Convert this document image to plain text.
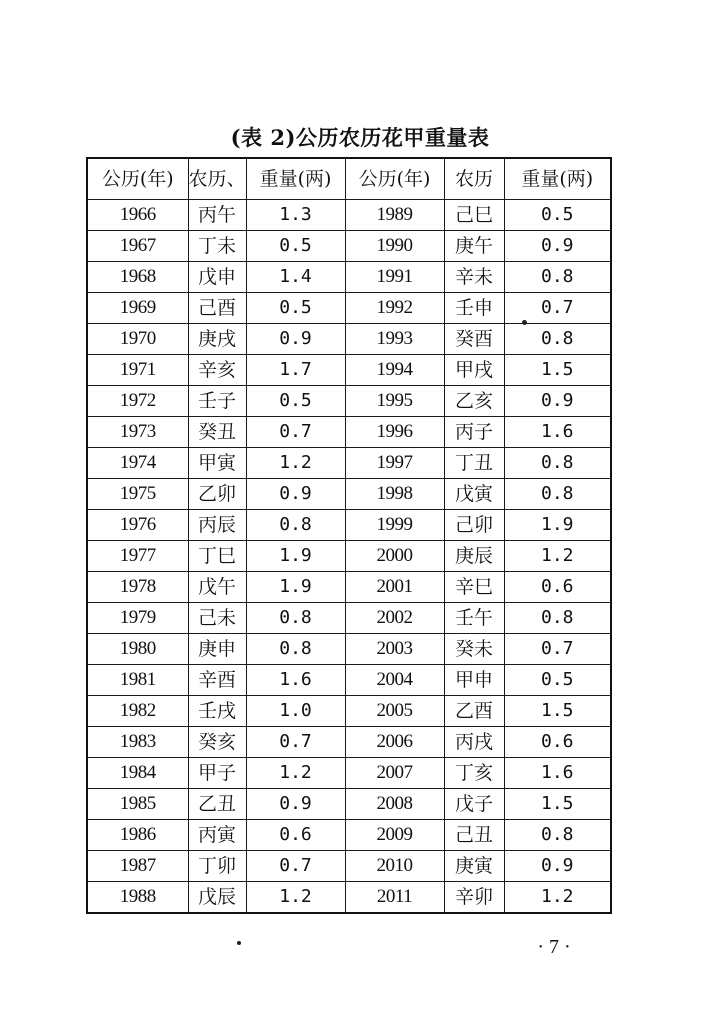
(表 2)公历农历花甲重量表
公历(年)	农历、	重量(两)	公历(年)	农历	重量(两)
1966	丙午	1.3	1989	己巳	0.5
1967	丁未	0.5	1990	庚午	0.9
1968	戊申	1.4	1991	辛未	0.8
1969	己酉	0.5	1992	壬申	0.7
1970	庚戌	0.9	1993	癸酉	0.8
1971	辛亥	1.7	1994	甲戌	1.5
1972	壬子	0.5	1995	乙亥	0.9
1973	癸丑	0.7	1996	丙子	1.6
1974	甲寅	1.2	1997	丁丑	0.8
1975	乙卯	0.9	1998	戊寅	0.8
1976	丙辰	0.8	1999	己卯	1.9
1977	丁巳	1.9	2000	庚辰	1.2
1978	戊午	1.9	2001	辛巳	0.6
1979	己未	0.8	2002	壬午	0.8
1980	庚申	0.8	2003	癸未	0.7
1981	辛酉	1.6	2004	甲申	0.5
1982	壬戌	1.0	2005	乙酉	1.5
1983	癸亥	0.7	2006	丙戌	0.6
1984	甲子	1.2	2007	丁亥	1.6
1985	乙丑	0.9	2008	戊子	1.5
1986	丙寅	0.6	2009	己丑	0.8
1987	丁卯	0.7	2010	庚寅	0.9
1988	戊辰	1.2	2011	辛卯	1.2
· 7 ·
